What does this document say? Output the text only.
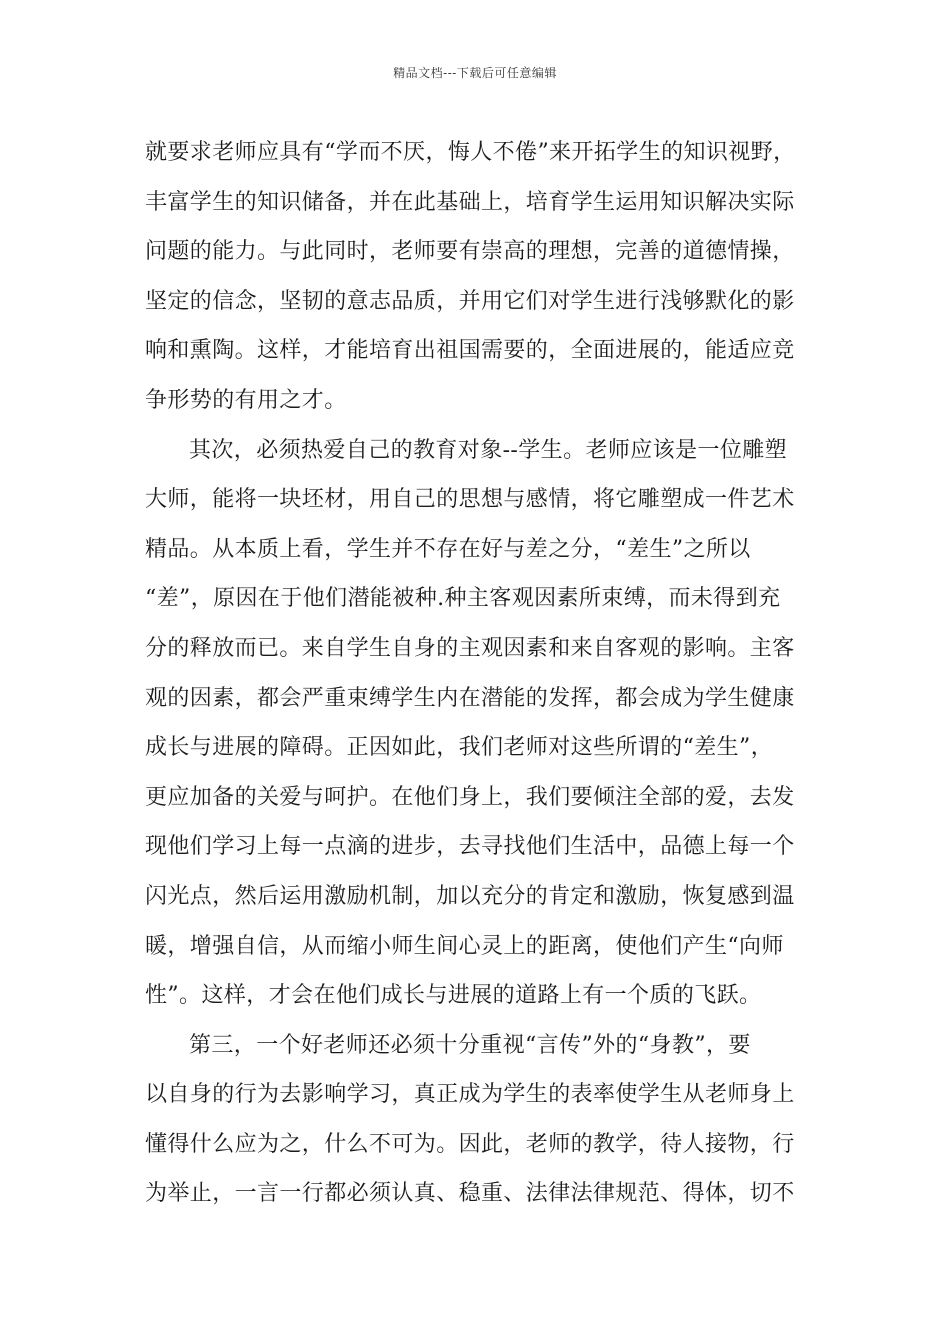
精品文档---下载后可任意编辑
就要求老师应具有“学而不厌，悔人不倦”来开拓学生的知识视野，
丰富学生的知识储备，并在此基础上，培育学生运用知识解决实际
问题的能力。与此同时，老师要有崇高的理想，完善的道德情操，
坚定的信念，坚韧的意志品质，并用它们对学生进行浅够默化的影
响和熏陶。这样，才能培育出祖国需要的，全面进展的，能适应竞
争形势的有用之才。
其次，必须热爱自己的教育对象--学生。老师应该是一位雕塑
大师，能将一块坯材，用自己的思想与感情，将它雕塑成一件艺术
精品。从本质上看，学生并不存在好与差之分，“差生”之所以
“差”，原因在于他们潜能被种.种主客观因素所束缚，而未得到充
分的释放而已。来自学生自身的主观因素和来自客观的影响。主客
观的因素，都会严重束缚学生内在潜能的发挥，都会成为学生健康
成长与进展的障碍。正因如此，我们老师对这些所谓的“差生”，
更应加备的关爱与呵护。在他们身上，我们要倾注全部的爱，去发
现他们学习上每一点滴的进步，去寻找他们生活中，品德上每一个
闪光点，然后运用激励机制，加以充分的肯定和激励，恢复感到温
暖，增强自信，从而缩小师生间心灵上的距离，使他们产生“向师
性”。这样，才会在他们成长与进展的道路上有一个质的飞跃。
第三，一个好老师还必须十分重视“言传”外的“身教”，要
以自身的行为去影响学习，真正成为学生的表率使学生从老师身上
懂得什么应为之，什么不可为。因此，老师的教学，待人接物，行
为举止，一言一行都必须认真、稳重、法律法律规范、得体，切不
